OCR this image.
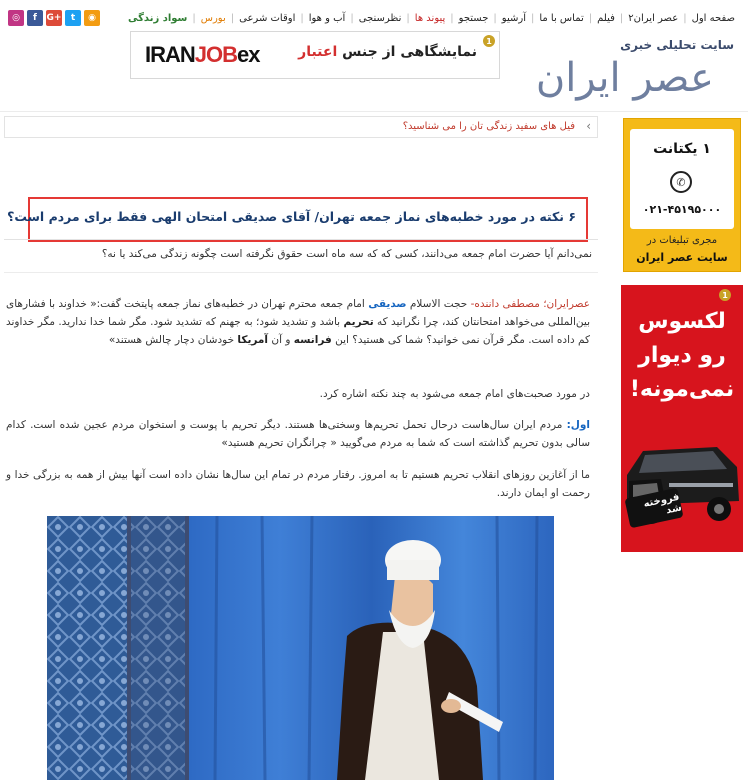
صفحه اول
|
عصر ایران۲
|
فیلم
|
تماس با ما
|
آرشیو
|
جستجو
|
پیوند ها
|
نظرسنجی
|
آب و هوا
|
اوقات شرعی
|
بورس
|
سواد زندگی
◎	f	G+	t	◉
سایت تحلیلی خبری
عصر ایران
IRANJOBex	نمایشگاهی از جنس اعتبار
1
›
فیل های سفید زندگی تان را می شناسید؟
۱ یکتانت
✆
۰۲۱-۴۵۱۹۵۰۰۰
مجری تبلیغات در
سایت عصر ایران
1
لکسوس
رو دیوار
نمی‌مونه!
فروخته شد
۶ نکته در مورد خطبه‌های نماز جمعه تهران/ آقای صدیقی امتحان الهی فقط برای مردم است؟
نمی‌دانم آیا حضرت امام جمعه می‌دانند، کسی که که سه ماه است حقوق نگرفته است چگونه زندگی می‌کند یا نه؟

عصرایران؛ مصطفی داننده- حجت الاسلام صدیقی امام جمعه محترم تهران در خطبه‌های نماز جمعه پایتخت گفت:« خداوند با فشارهای بین‌المللی می‌خواهد امتحانتان کند، چرا نگرانید که تحریم باشد و تشدید شود؛ به جهنم که تشدید شود. مگر شما خدا ندارید. مگر خداوند کم داده است. مگر قرآن نمی خوانید؟ شما کی هستید؟ این فرانسه و آن آمریکا خودشان دچار چالش هستند»

در مورد صحبت‌های امام جمعه می‌شود به چند نکته اشاره کرد.

اول: مردم ایران سال‌هاست درحال تحمل تحریم‌ها وسختی‌ها هستند. دیگر تحریم با پوست و استخوان مردم عجین شده است. کدام سالی بدون تحریم گذاشته است که شما به مردم می‌گویید « چرانگران تحریم هستید»

ما از آغازین روزهای انقلاب تحریم هستیم تا به امروز. رفتار مردم در تمام این سال‌ها نشان داده است آنها بیش از همه به بزرگی خدا و رحمت او ایمان دارند.
